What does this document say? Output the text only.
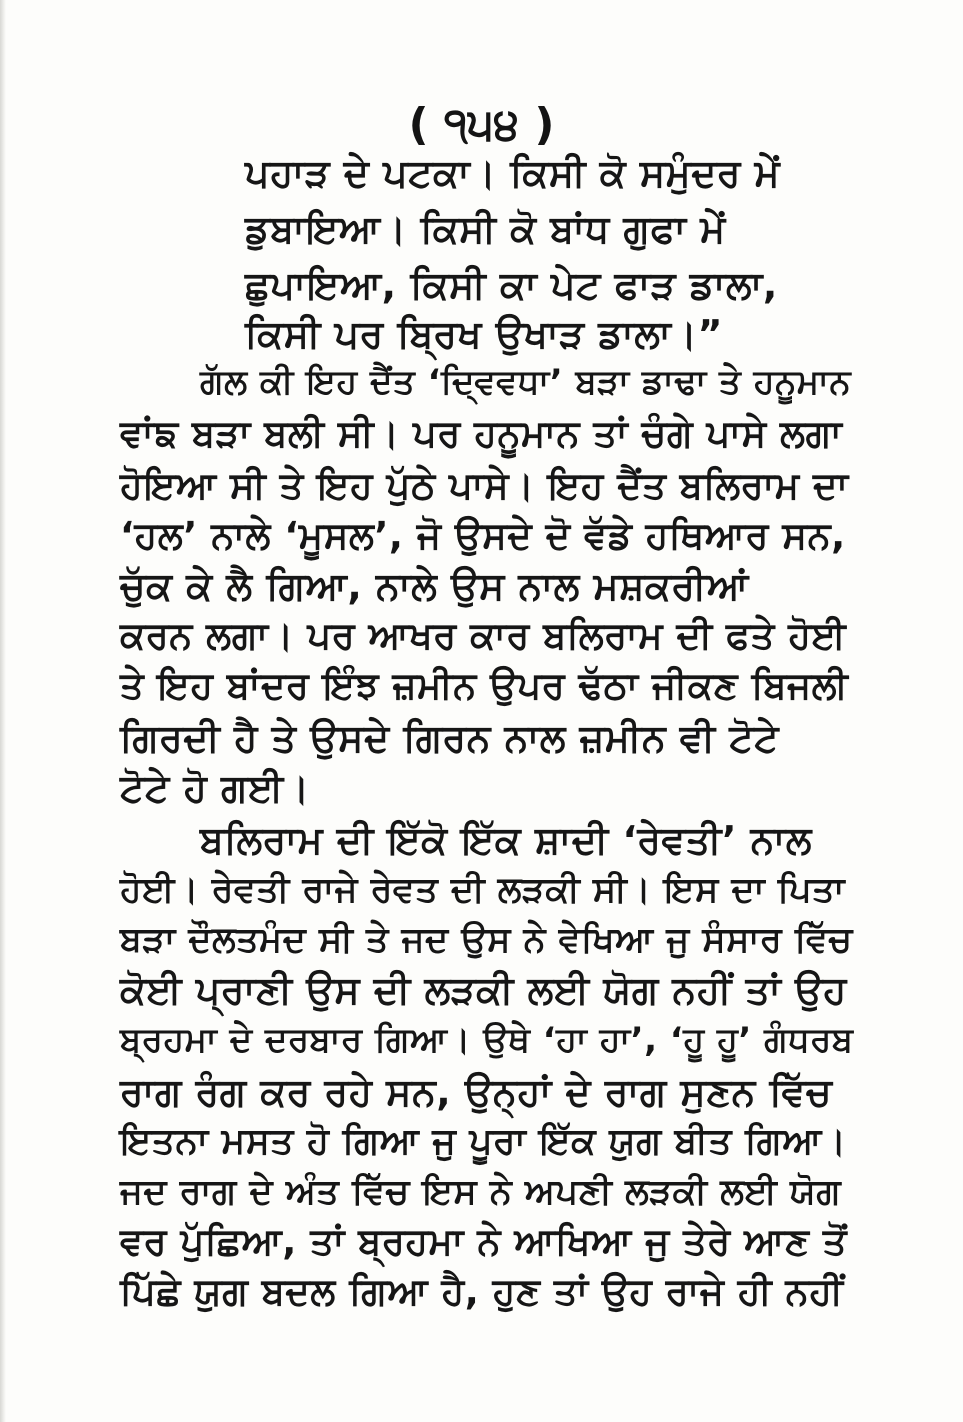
( ੧੫੪ )
ਪਹਾੜ ਦੇ ਪਟਕਾ। ਕਿਸੀ ਕੋ ਸਮੁੰਦਰ ਮੇਂ
ਡੁਬਾਇਆ। ਕਿਸੀ ਕੋ ਬਾਂਧ ਗੁਫਾ ਮੇਂ
ਛੁਪਾਇਆ, ਕਿਸੀ ਕਾ ਪੇਟ ਫਾੜ ਡਾਲਾ,
ਕਿਸੀ ਪਰ ਬ੍ਰਿਖ ਉਖਾੜ ਡਾਲਾ।”
ਗੱਲ ਕੀ ਇਹ ਦੈਂਤ ‘ਦ੍ਵਿਵਧਾ’ ਬੜਾ ਡਾਢਾ ਤੇ ਹਨੂਮਾਨ
ਵਾਂਙ ਬੜਾ ਬਲੀ ਸੀ। ਪਰ ਹਨੂਮਾਨ ਤਾਂ ਚੰਗੇ ਪਾਸੇ ਲਗਾ
ਹੋਇਆ ਸੀ ਤੇ ਇਹ ਪੁੱਠੇ ਪਾਸੇ। ਇਹ ਦੈਂਤ ਬਲਿਰਾਮ ਦਾ
‘ਹਲ’ ਨਾਲੇ ‘ਮੂਸਲ’, ਜੋ ਉਸਦੇ ਦੋ ਵੱਡੇ ਹਥਿਆਰ ਸਨ,
ਚੁੱਕ ਕੇ ਲੈ ਗਿਆ, ਨਾਲੇ ਉਸ ਨਾਲ ਮਸ਼ਕਰੀਆਂ
ਕਰਨ ਲਗਾ। ਪਰ ਆਖਰ ਕਾਰ ਬਲਿਰਾਮ ਦੀ ਫਤੇ ਹੋਈ
ਤੇ ਇਹ ਬਾਂਦਰ ਇੰਝ ਜ਼ਮੀਨ ਉਪਰ ਢੱਠਾ ਜੀਕਣ ਬਿਜਲੀ
ਗਿਰਦੀ ਹੈ ਤੇ ਉਸਦੇ ਗਿਰਨ ਨਾਲ ਜ਼ਮੀਨ ਵੀ ਟੋਟੇ
ਟੋਟੇ ਹੋ ਗਈ।
ਬਲਿਰਾਮ ਦੀ ਇੱਕੋ ਇੱਕ ਸ਼ਾਦੀ ‘ਰੇਵਤੀ’ ਨਾਲ
ਹੋਈ। ਰੇਵਤੀ ਰਾਜੇ ਰੇਵਤ ਦੀ ਲੜਕੀ ਸੀ। ਇਸ ਦਾ ਪਿਤਾ
ਬੜਾ ਦੌਲਤਮੰਦ ਸੀ ਤੇ ਜਦ ਉਸ ਨੇ ਵੇਖਿਆ ਜੁ ਸੰਸਾਰ ਵਿੱਚ
ਕੋਈ ਪ੍ਰਾਣੀ ਉਸ ਦੀ ਲੜਕੀ ਲਈ ਯੋਗ ਨਹੀਂ ਤਾਂ ਉਹ
ਬ੍ਰਹਮਾ ਦੇ ਦਰਬਾਰ ਗਿਆ। ਉਥੇ ‘ਹਾ ਹਾ’, ‘ਹੂ ਹੂ’ ਗੰਧਰਬ
ਰਾਗ ਰੰਗ ਕਰ ਰਹੇ ਸਨ, ਉਨ੍ਹਾਂ ਦੇ ਰਾਗ ਸੁਣਨ ਵਿੱਚ
ਇਤਨਾ ਮਸਤ ਹੋ ਗਿਆ ਜੁ ਪੂਰਾ ਇੱਕ ਯੁਗ ਬੀਤ ਗਿਆ।
ਜਦ ਰਾਗ ਦੇ ਅੰਤ ਵਿੱਚ ਇਸ ਨੇ ਅਪਣੀ ਲੜਕੀ ਲਈ ਯੋਗ
ਵਰ ਪੁੱਛਿਆ, ਤਾਂ ਬ੍ਰਹਮਾ ਨੇ ਆਖਿਆ ਜੁ ਤੇਰੇ ਆਣ ਤੋਂ
ਪਿੱਛੇ ਯੁਗ ਬਦਲ ਗਿਆ ਹੈ, ਹੁਣ ਤਾਂ ਉਹ ਰਾਜੇ ਹੀ ਨਹੀਂ
